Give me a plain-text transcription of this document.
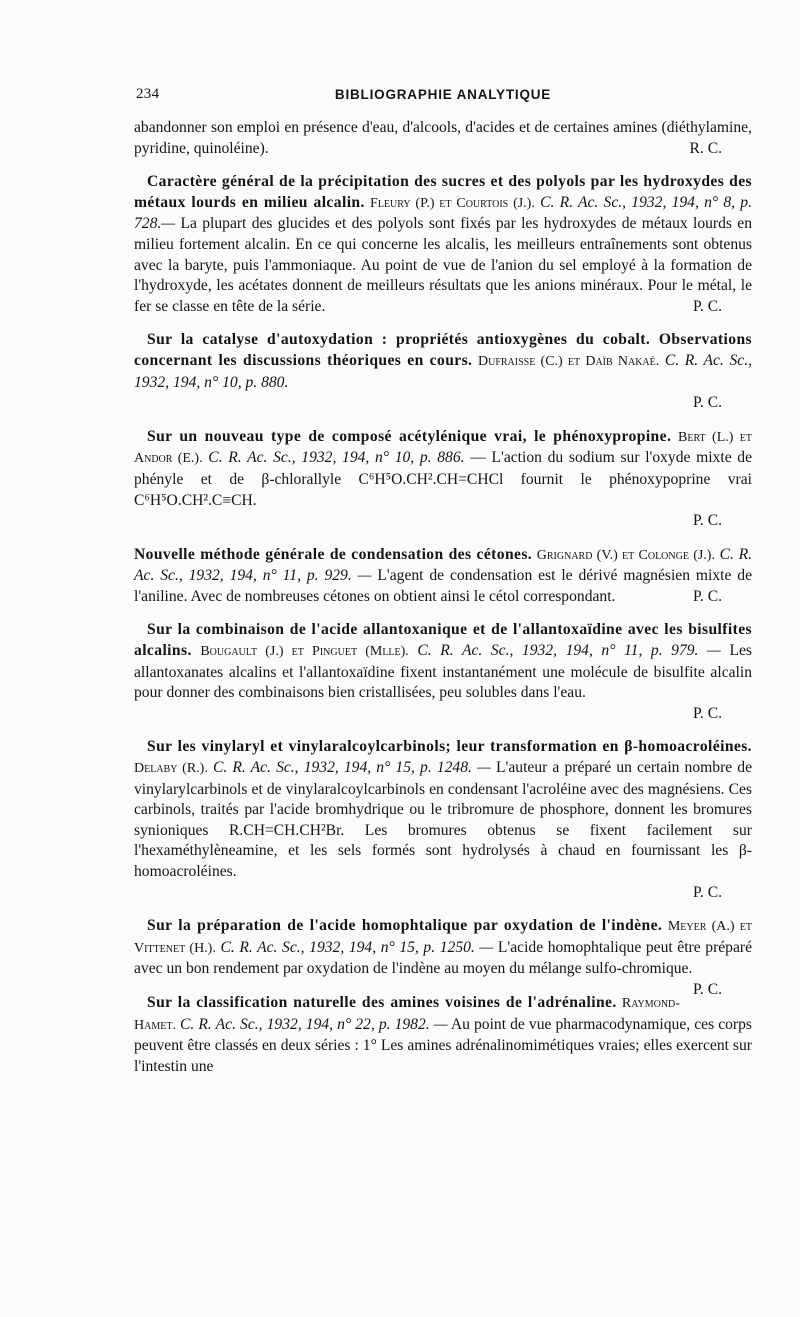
234	BIBLIOGRAPHIE ANALYTIQUE

abandonner son emploi en présence d'eau, d'alcools, d'acides et de certaines amines (diéthylamine, pyridine, quinoléine).	R. C.

Caractère général de la précipitation des sucres et des polyols par les hydroxydes des métaux lourds en milieu alcalin. Fleury (P.) et Courtois (J.). C. R. Ac. Sc., 1932, 194, n° 8, p. 728.— La plupart des glucides et des polyols sont fixés par les hydroxydes de métaux lourds en milieu fortement alcalin. En ce qui concerne les alcalis, les meilleurs entraînements sont obtenus avec la baryte, puis l'ammoniaque. Au point de vue de l'anion du sel employé à la formation de l'hydroxyde, les acétates donnent de meilleurs résultats que les anions minéraux. Pour le métal, le fer se classe en tête de la série.	P. C.

Sur la catalyse d'autoxydation : propriétés antioxygènes du cobalt. Observations concernant les discussions théoriques en cours. Dufraisse (C.) et Daïb Nakaé. C. R. Ac. Sc., 1932, 194, n° 10, p. 880.
P. C.

Sur un nouveau type de composé acétylénique vrai, le phénoxypropine. Bert (L.) et Andor (E.). C. R. Ac. Sc., 1932, 194, n° 10, p. 886. — L'action du sodium sur l'oxyde mixte de phényle et de β-chlorallyle C⁶H⁵O.CH².CH=CHCl fournit le phénoxypoprine vrai C⁶H⁵O.CH².C≡CH.
P. C.

Nouvelle méthode générale de condensation des cétones. Grignard (V.) et Colonge (J.). C. R. Ac. Sc., 1932, 194, n° 11, p. 929. — L'agent de condensation est le dérivé magnésien mixte de l'aniline. Avec de nombreuses cétones on obtient ainsi le cétol correspondant.	P. C.

Sur la combinaison de l'acide allantoxanique et de l'allantoxaïdine avec les bisulfites alcalins. Bougault (J.) et Pinguet (Mlle). C. R. Ac. Sc., 1932, 194, n° 11, p. 979. — Les allantoxanates alcalins et l'allantoxaïdine fixent instantanément une molécule de bisulfite alcalin pour donner des combinaisons bien cristallisées, peu solubles dans l'eau.
P. C.

Sur les vinylaryl et vinylaralcoylcarbinols; leur transformation en β-homoacroléines. Delaby (R.). C. R. Ac. Sc., 1932, 194, n° 15, p. 1248. — L'auteur a préparé un certain nombre de vinylarylcarbinols et de vinylaralcoylcarbinols en condensant l'acroléine avec des magnésiens. Ces carbinols, traités par l'acide bromhydrique ou le tribromure de phosphore, donnent les bromures synioniques R.CH=CH.CH²Br. Les bromures obtenus se fixent facilement sur l'hexaméthylèneamine, et les sels formés sont hydrolysés à chaud en fournissant les β-homoacroléines.
P. C.

Sur la préparation de l'acide homophtalique par oxydation de l'indène. Meyer (A.) et Vittenet (H.). C. R. Ac. Sc., 1932, 194, n° 15, p. 1250. — L'acide homophtalique peut être préparé avec un bon rendement par oxydation de l'indène au moyen du mélange sulfo-chromique.
P. C.

Sur la classification naturelle des amines voisines de l'adrénaline. Raymond-Hamet. C. R. Ac. Sc., 1932, 194, n° 22, p. 1982. — Au point de vue pharmacodynamique, ces corps peuvent être classés en deux séries : 1° Les amines adrénalinomimétiques vraies; elles exercent sur l'intestin une
